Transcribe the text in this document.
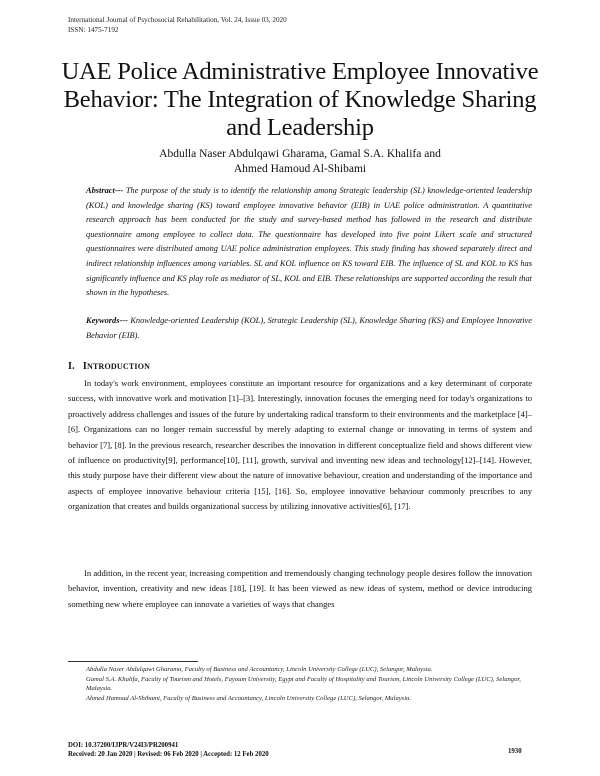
International Journal of Psychosocial Rehabilitation, Vol. 24, Issue 03, 2020
ISSN: 1475-7192
UAE Police Administrative Employee Innovative
Behavior: The Integration of Knowledge Sharing
and Leadership
Abdulla Naser Abdulqawi Gharama, Gamal S.A. Khalifa and
Ahmed Hamoud Al-Shibami
Abstract--- The purpose of the study is to identify the relationship among Strategic leadership (SL) knowledge-oriented leadership (KOL) and knowledge sharing (KS) toward employee innovative behavior (EIB) in UAE police administration. A quantitative research approach has been conducted for the study and survey-based method has followed in the research and distribute questionnaire among employee to collect data. The questionnaire has developed into five point Likert scale and structured questionnaires were distributed among UAE police administration employees. This study finding has showed separately direct and indirect relationship influences among variables. SL and KOL influence on KS toward EIB. The influence of SL and KOL to KS has significantly influence and KS play role as mediator of SL, KOL and EIB. These relationships are supported according the result that shown in the hypotheses.
Keywords--- Knowledge-oriented Leadership (KOL), Strategic Leadership (SL), Knowledge Sharing (KS) and Employee Innovative Behavior (EIB).
I. INTRODUCTION
In today's work environment, employees constitute an important resource for organizations and a key determinant of corporate success, with innovative work and motivation [1]–[3]. Interestingly, innovation focuses the emerging need for today's organizations to proactively address challenges and issues of the future by undertaking radical transform to their environments and the marketplace [4]–[6]. Organizations can no longer remain successful by merely adapting to external change or innovating in terms of system and behavior [7], [8]. In the previous research, researcher describes the innovation in different conceptualize field and shows different view of influence on productivity[9], performance[10], [11], growth, survival and inventing new ideas and technology[12]–[14]. However, this study purpose have their different view about the nature of innovative behaviour, creation and understanding of the importance and aspects of employee innovative behaviour criteria [15], [16]. So, employee innovative behaviour commonly prescribes to any organization that creates and builds organizational success by utilizing innovative activities[6], [17].
In addition, in the recent year, increasing competition and tremendously changing technology people desires follow the innovation behavior, invention, creativity and new ideas [18], [19]. It has been viewed as new ideas of system, method or device introducing something new where employee can innovate a varieties of ways that changes
Abdulla Naser Abdulqawi Gharama, Faculty of Business and Accountancy, Lincoln University College (LUC), Selangor, Malaysia.
Gamal S.A. Khalifa, Faculty of Tourism and Hotels, Fayoum University, Egypt and Faculty of Hospitality and Tourism, Lincoln University College (LUC), Selangor, Malaysia.
Ahmed Hamoud Al-Shibami, Faculty of Business and Accountancy, Lincoln University College (LUC), Selangor, Malaysia.
DOI: 10.37200/IJPR/V24I3/PR200941
Received: 20 Jan 2020 | Revised: 06 Feb 2020 | Accepted: 12 Feb 2020	1930
